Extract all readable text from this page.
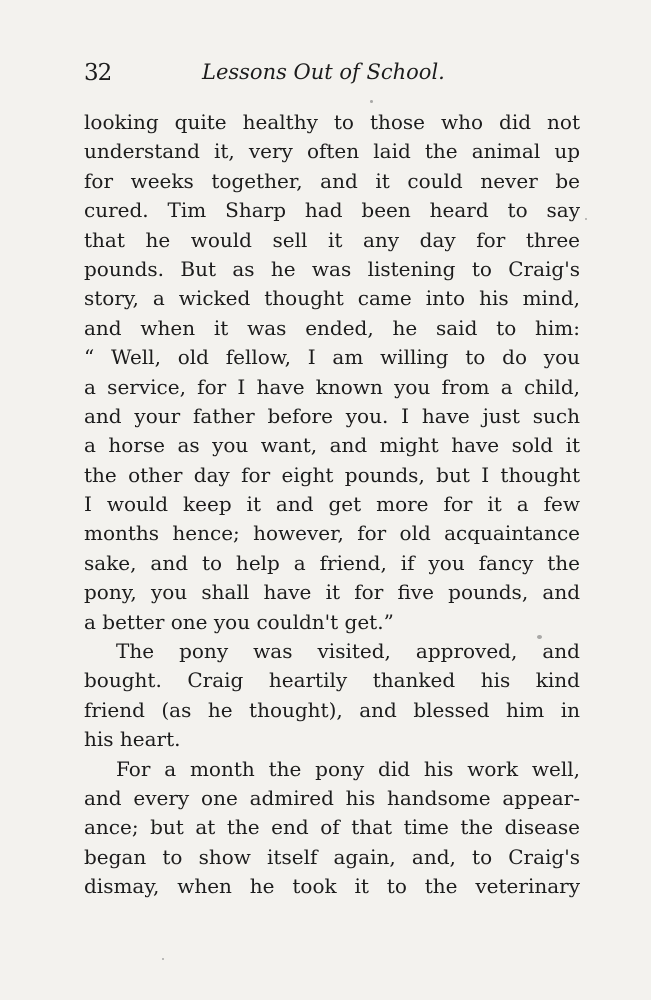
32	Lessons Out of School.
looking quite healthy to those who did not
understand it, very often laid the animal up
for weeks together, and it could never be
cured. Tim Sharp had been heard to say
that he would sell it any day for three
pounds. But as he was listening to Craig's
story, a wicked thought came into his mind,
and when it was ended, he said to him:
“ Well, old fellow, I am willing to do you
a service, for I have known you from a child,
and your father before you. I have just such
a horse as you want, and might have sold it
the other day for eight pounds, but I thought
I would keep it and get more for it a few
months hence; however, for old acquaintance
sake, and to help a friend, if you fancy the
pony, you shall have it for five pounds, and
a better one you couldn't get.”
The pony was visited, approved, and
bought. Craig heartily thanked his kind
friend (as he thought), and blessed him in
his heart.
For a month the pony did his work well,
and every one admired his handsome appear-
ance; but at the end of that time the disease
began to show itself again, and, to Craig's
dismay, when he took it to the veterinary
